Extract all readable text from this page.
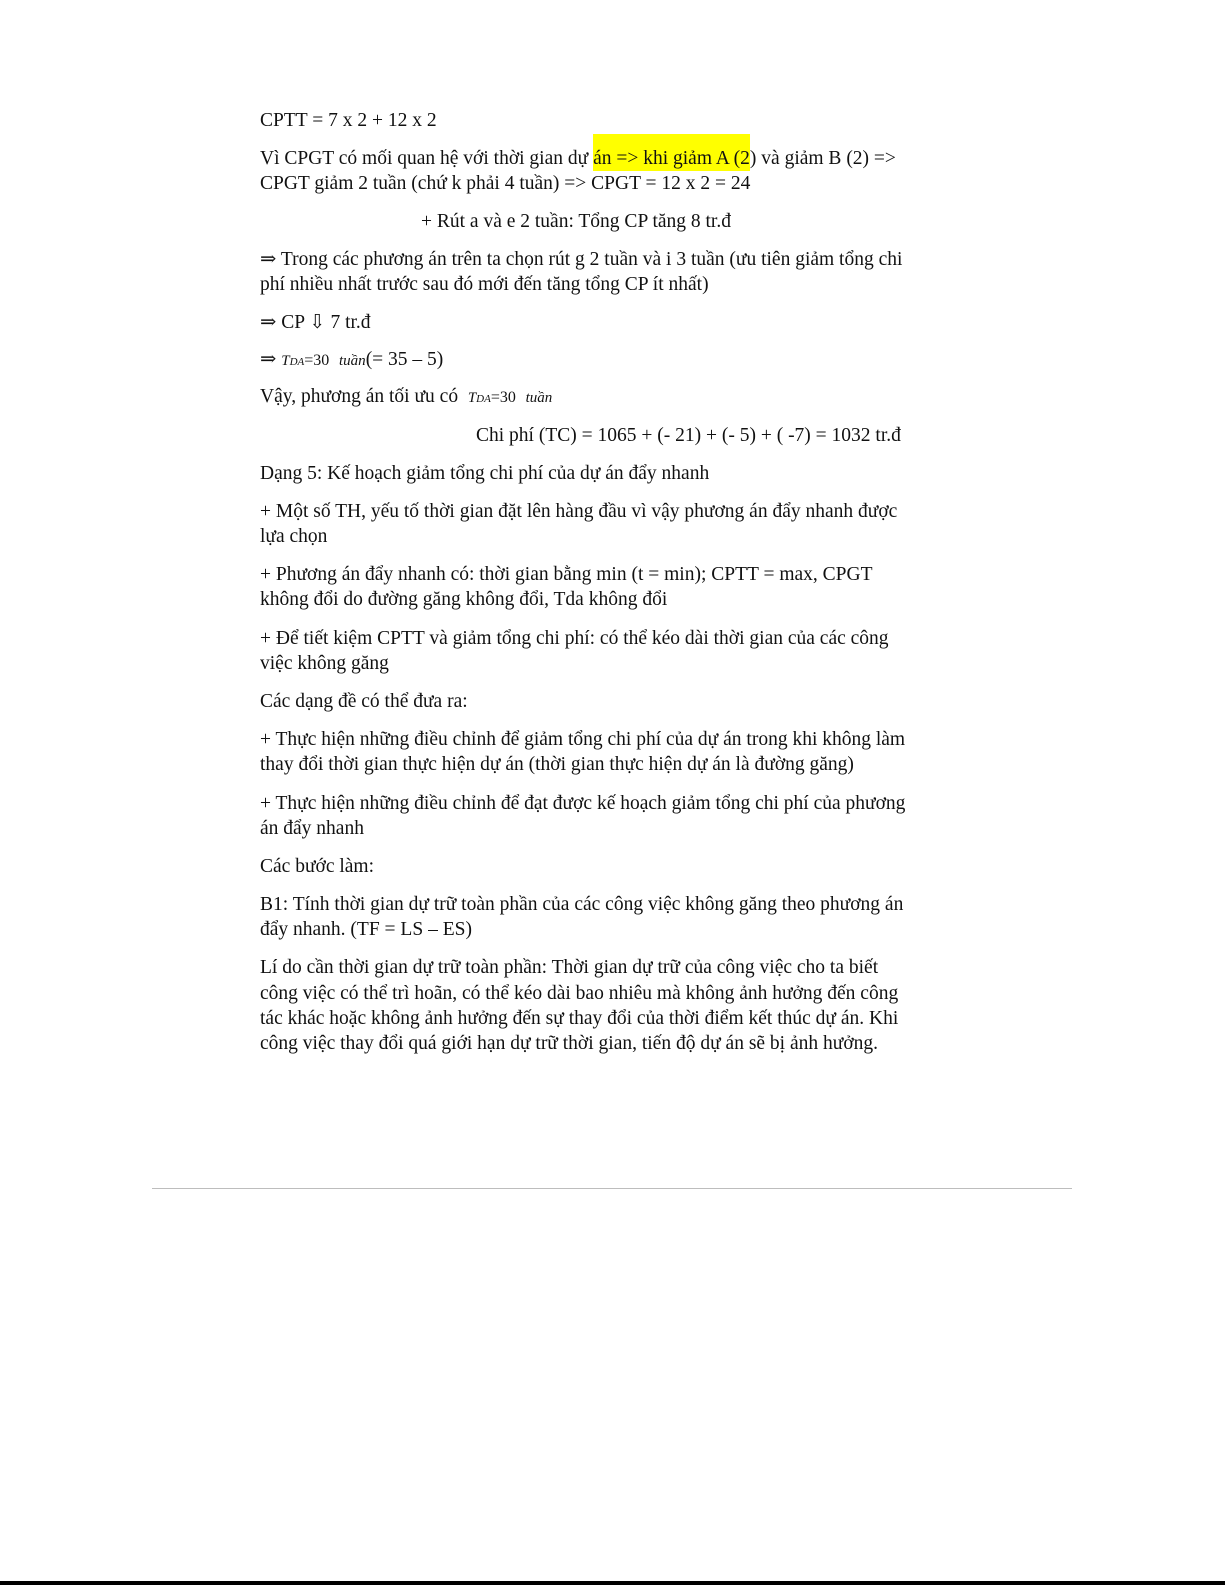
CPTT = 7 x 2 + 12 x 2

Vì CPGT có mối quan hệ với thời gian dự án => khi giảm A (2) và giảm B (2) =>

CPGT giảm 2 tuần (chứ k phải 4 tuần) => CPGT = 12 x 2 = 24

+ Rút a và e 2 tuần: Tổng CP tăng 8 tr.đ

⇒ Trong các phương án trên ta chọn rút g 2 tuần và i 3 tuần (ưu tiên giảm tổng chi

phí nhiều nhất trước sau đó mới đến tăng tổng CP ít nhất)

⇒ CP ⇩ 7 tr.đ

⇒ TDA=30 tuần(= 35 – 5)

Vậy, phương án tối ưu có  TDA=30 tuần

Chi phí (TC) = 1065 + (- 21) + (- 5) + ( -7) = 1032 tr.đ

Dạng 5: Kế hoạch giảm tổng chi phí của dự án đẩy nhanh

+ Một số TH, yếu tố thời gian đặt lên hàng đầu vì vậy phương án đẩy nhanh được

lựa chọn

+ Phương án đẩy nhanh có: thời gian bằng min (t = min); CPTT = max, CPGT

không đổi do đường găng không đổi, Tda không đổi

+ Để tiết kiệm CPTT và giảm tổng chi phí: có thể kéo dài thời gian của các công

việc không găng

Các dạng đề có thể đưa ra:

+ Thực hiện những điều chỉnh để giảm tổng chi phí của dự án trong khi không làm

thay đổi thời gian thực hiện dự án (thời gian thực hiện dự án là đường găng)

+ Thực hiện những điều chỉnh để đạt được kế hoạch giảm tổng chi phí của phương

án đẩy nhanh

Các bước làm:

B1: Tính thời gian dự trữ toàn phần của các công việc không găng theo phương án

đẩy nhanh. (TF = LS – ES)

Lí do cần thời gian dự trữ toàn phần: Thời gian dự trữ của công việc cho ta biết

công việc có thể trì hoãn, có thể kéo dài bao nhiêu mà không ảnh hưởng đến công

tác khác hoặc không ảnh hưởng đến sự thay đổi của thời điểm kết thúc dự án. Khi

công việc thay đổi quá giới hạn dự trữ thời gian, tiến độ dự án sẽ bị ảnh hưởng.
